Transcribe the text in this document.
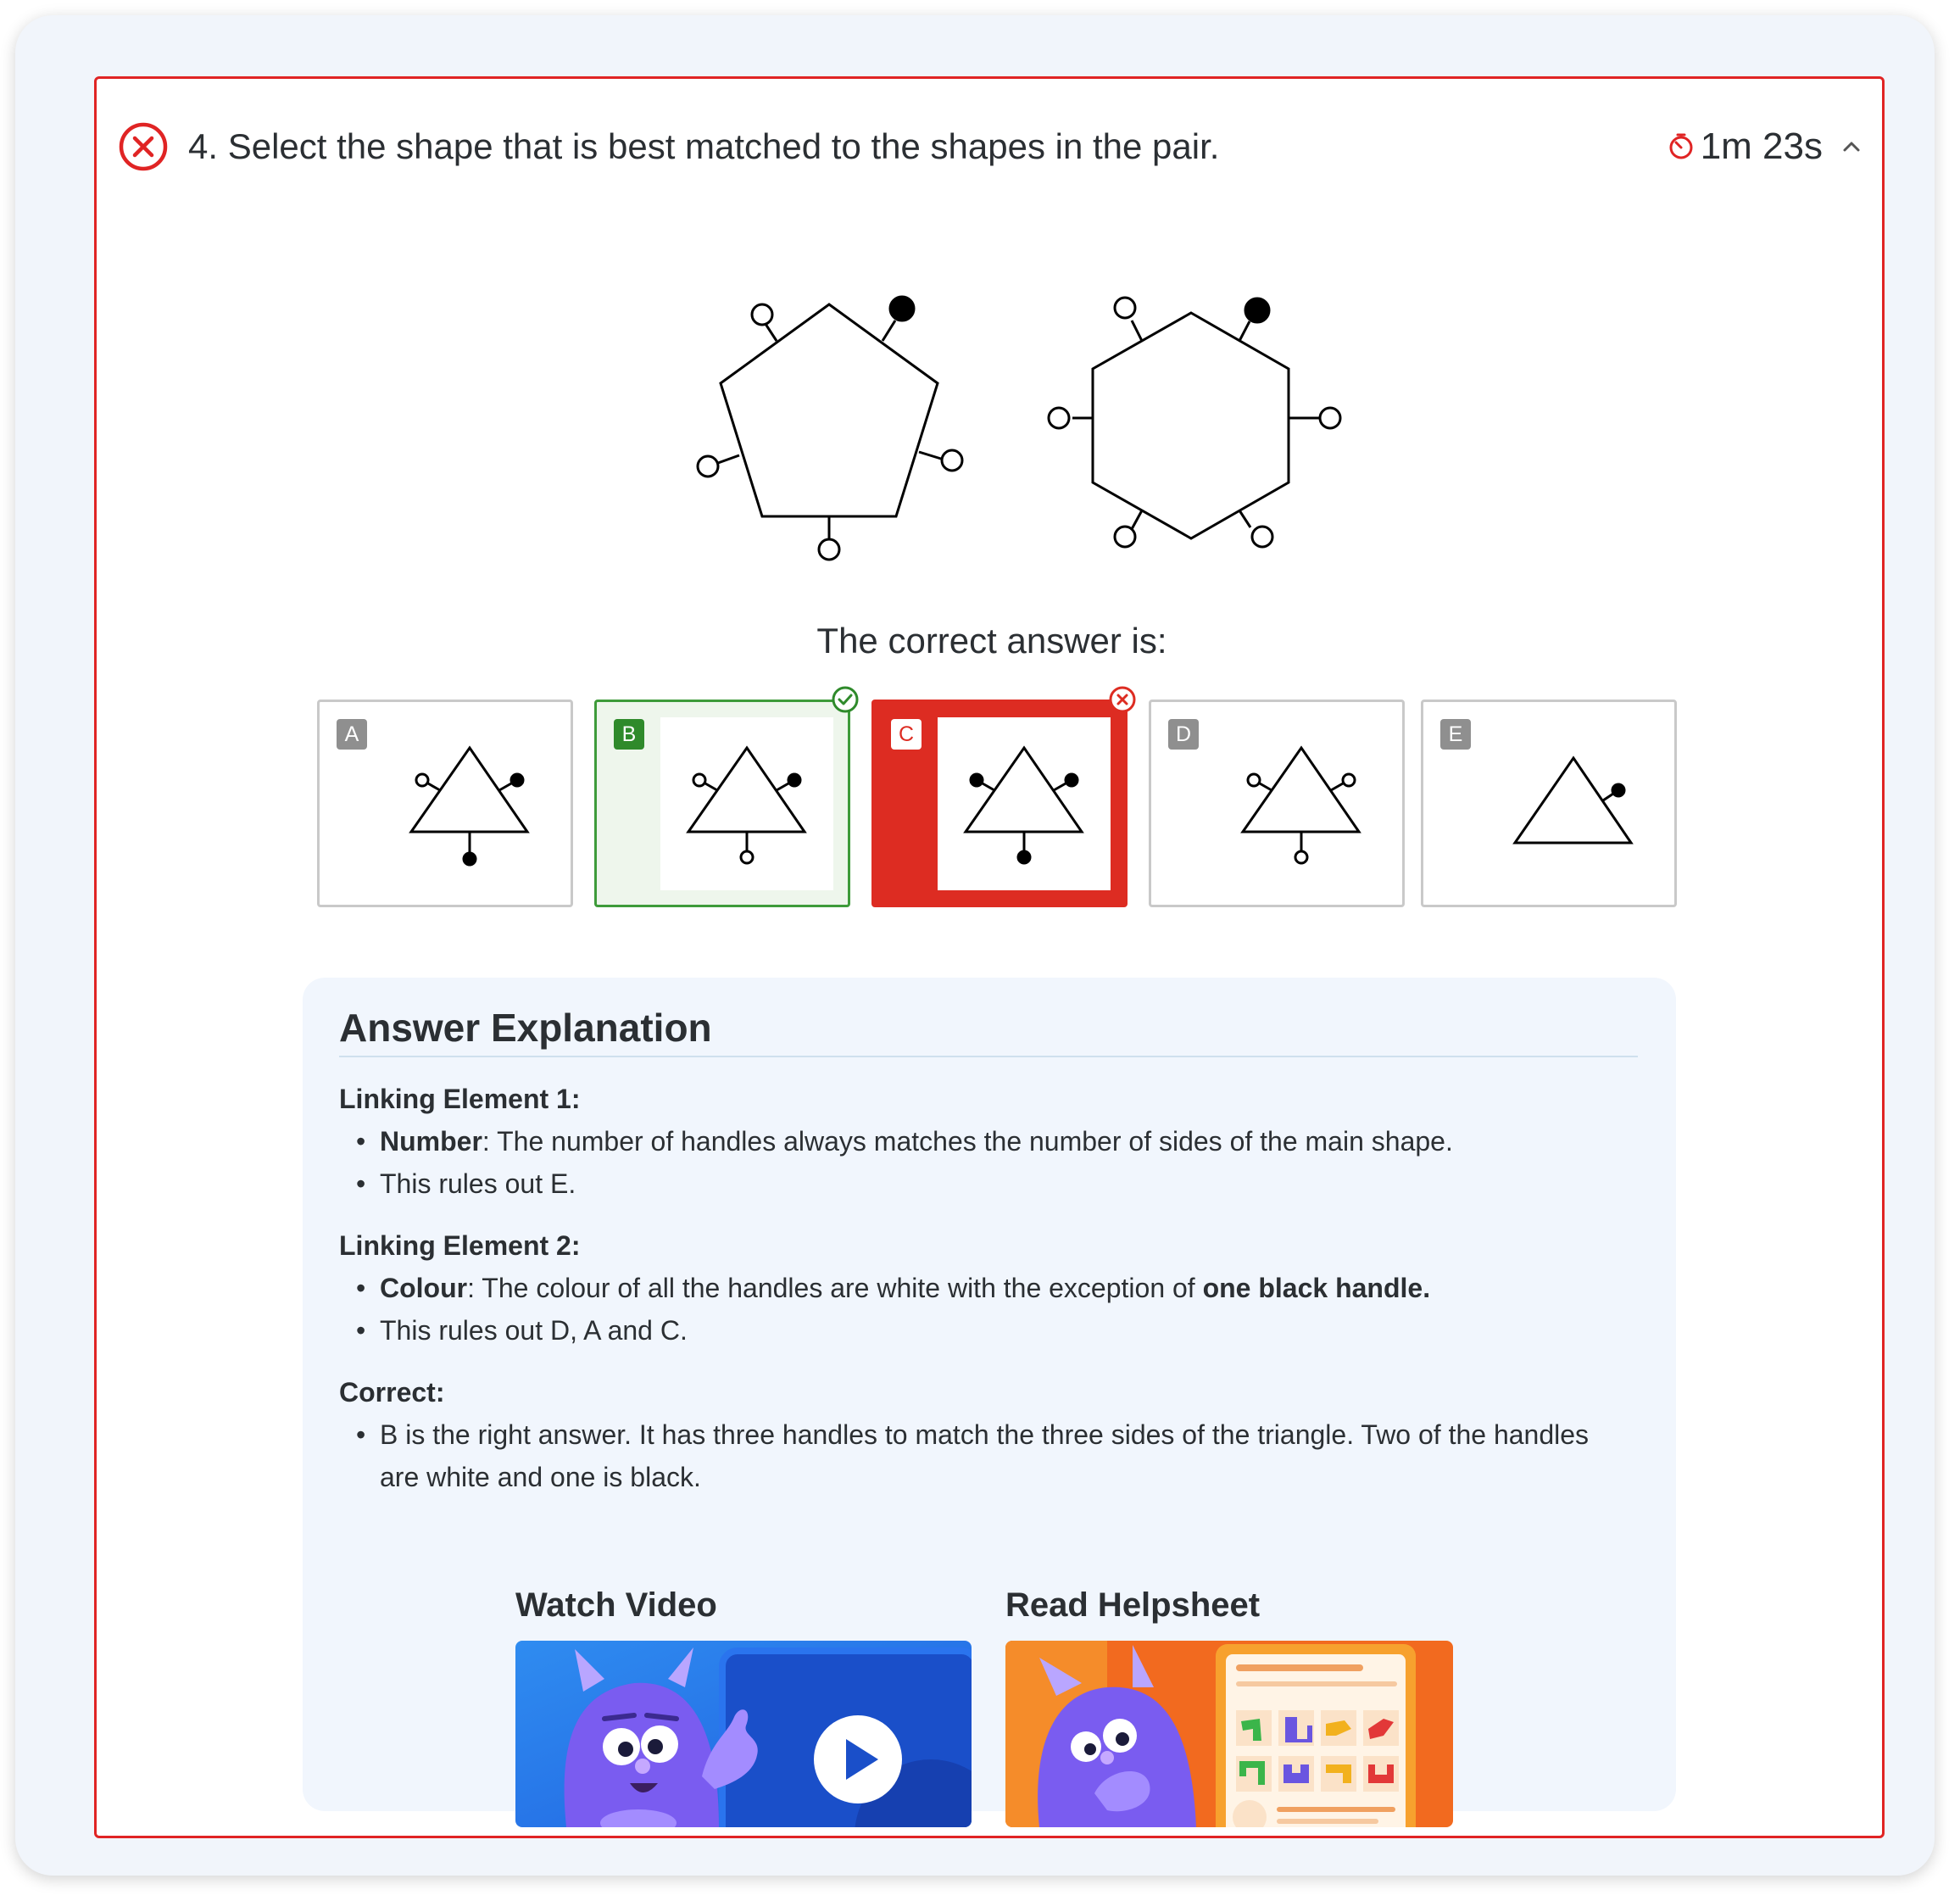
4. Select the shape that is best matched to the shapes in the pair.	1m 23s
The correct answer is:
A	B	C	D	E
Answer Explanation
Linking Element 1:
• Number: The number of handles always matches the number of sides of the main shape.
• This rules out E.
Linking Element 2:
• Colour: The colour of all the handles are white with the exception of one black handle.
• This rules out D, A and C.
Correct:
• B is the right answer. It has three handles to match the three sides of the triangle. Two of the handles are white and one is black.
Watch Video	Read Helpsheet
